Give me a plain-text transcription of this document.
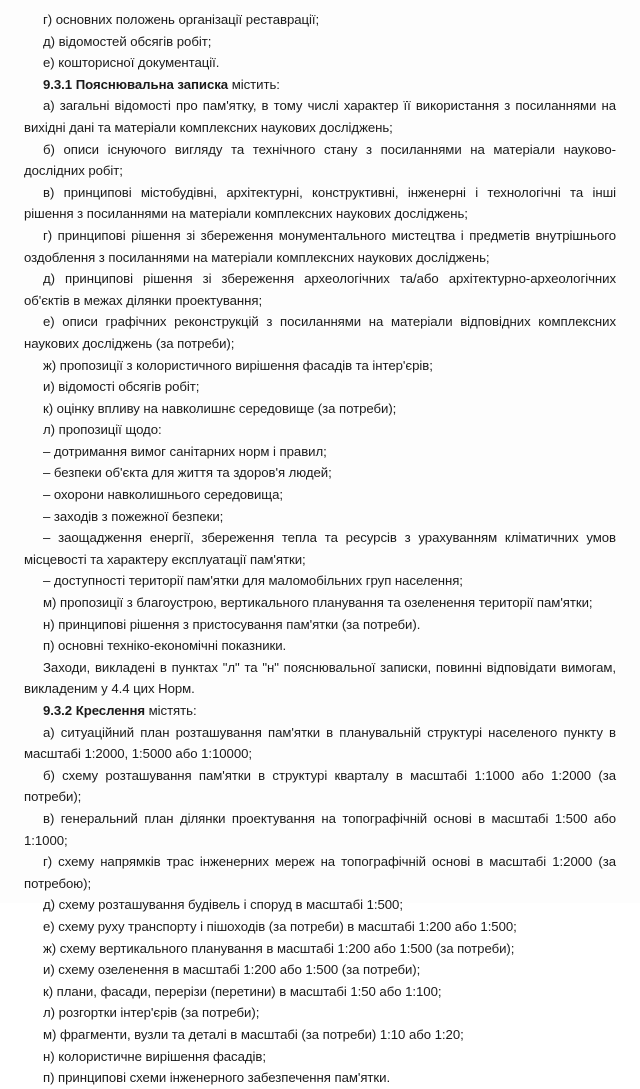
г) основних положень організації реставрації;

д) відомостей обсягів робіт;

е) кошторисної документації.

9.3.1 Пояснювальна записка містить:

а) загальні відомості про пам'ятку, в тому числі характер її використання з посиланнями на вихідні дані та матеріали комплексних наукових досліджень;

б) описи існуючого вигляду та технічного стану з посиланнями на матеріали науково-дослідних робіт;

в) принципові містобудівні, архітектурні, конструктивні, інженерні і технологічні та інші рішення з посиланнями на матеріали комплексних наукових досліджень;

г) принципові рішення зі збереження монументального мистецтва і предметів внутрішнього оздоблення з посиланнями на матеріали комплексних наукових досліджень;

д) принципові рішення зі збереження археологічних та/або архітектурно-археологічних об'єктів в межах ділянки проектування;

е) описи графічних реконструкцій з посиланнями на матеріали відповідних комплексних наукових досліджень (за потреби);

ж) пропозиції з колористичного вирішення фасадів та інтер'єрів;

и) відомості обсягів робіт;

к) оцінку впливу на навколишнє середовище (за потреби);

л) пропозиції щодо:

– дотримання вимог санітарних норм і правил;

– безпеки об'єкта для життя та здоров'я людей;

– охорони навколишнього середовища;

– заходів з пожежної безпеки;

– заощадження енергії, збереження тепла та ресурсів з урахуванням кліматичних умов місцевості та характеру експлуатації пам'ятки;

– доступності території пам'ятки для маломобільних груп населення;

м) пропозиції з благоустрою, вертикального планування та озеленення території пам'ятки;

н) принципові рішення з пристосування пам'ятки (за потреби).

п) основні техніко-економічні показники.

Заходи, викладені в пунктах "л" та "н" пояснювальної записки, повинні відповідати вимогам, викладеним у 4.4 цих Норм.

9.3.2 Креслення містять:

а) ситуаційний план розташування пам'ятки в планувальній структурі населеного пункту в масштабі 1:2000, 1:5000 або 1:10000;

б) схему розташування пам'ятки в структурі кварталу в масштабі 1:1000 або 1:2000 (за потреби);

в) генеральний план ділянки проектування на топографічній основі в масштабі 1:500 або 1:1000;

г) схему напрямків трас інженерних мереж на топографічній основі в масштабі 1:2000 (за потребою);

д) схему розташування будівель і споруд в масштабі 1:500;

е) схему руху транспорту і пішоходів (за потреби) в масштабі 1:200 або 1:500;

ж) схему вертикального планування в масштабі 1:200 або 1:500 (за потреби);

и) схему озеленення в масштабі 1:200 або 1:500 (за потреби);

к) плани, фасади, перерізи (перетини) в масштабі 1:50 або 1:100;

л) розгортки інтер'єрів (за потреби);

м) фрагменти, вузли та деталі в масштабі (за потреби) 1:10 або 1:20;

н) колористичне вирішення фасадів;

п) принципові схеми інженерного забезпечення пам'ятки.
